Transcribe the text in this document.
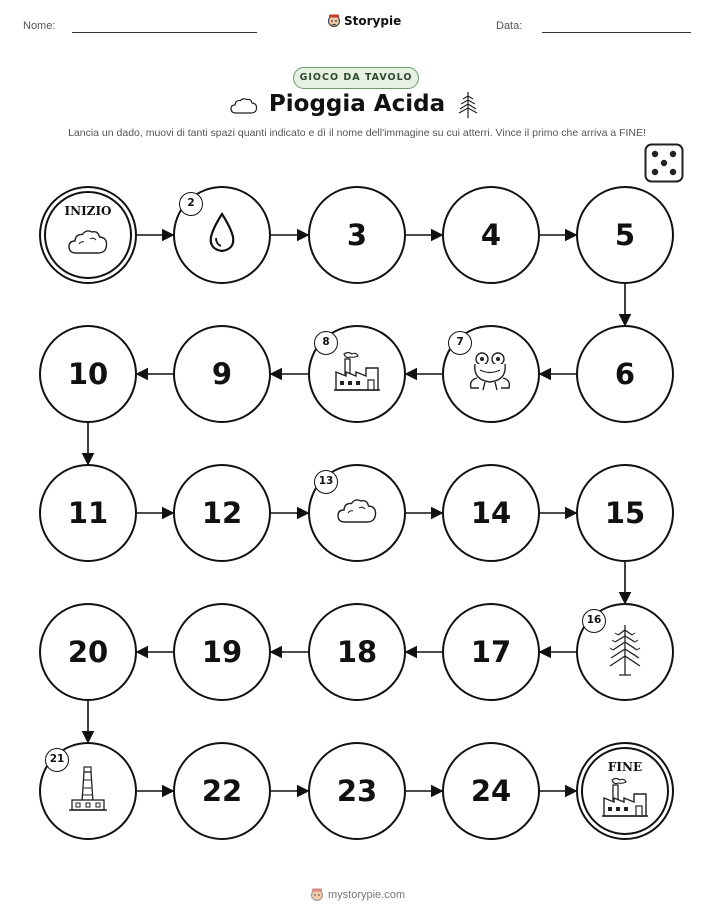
Nome:	Storypie	Data:
GIOCO DA TAVOLO
Pioggia Acida
Lancia un dado, muovi di tanti spazi quanti indicato e dì il nome dell'immagine su cui atterri. Vince il primo che arriva a FINE!
INIZIO
2
3	4	5
6
7
8
9
10
11	12
13
14	15
16
17
18
19
20
21
22	23	24
FINE
mystorypie.com
